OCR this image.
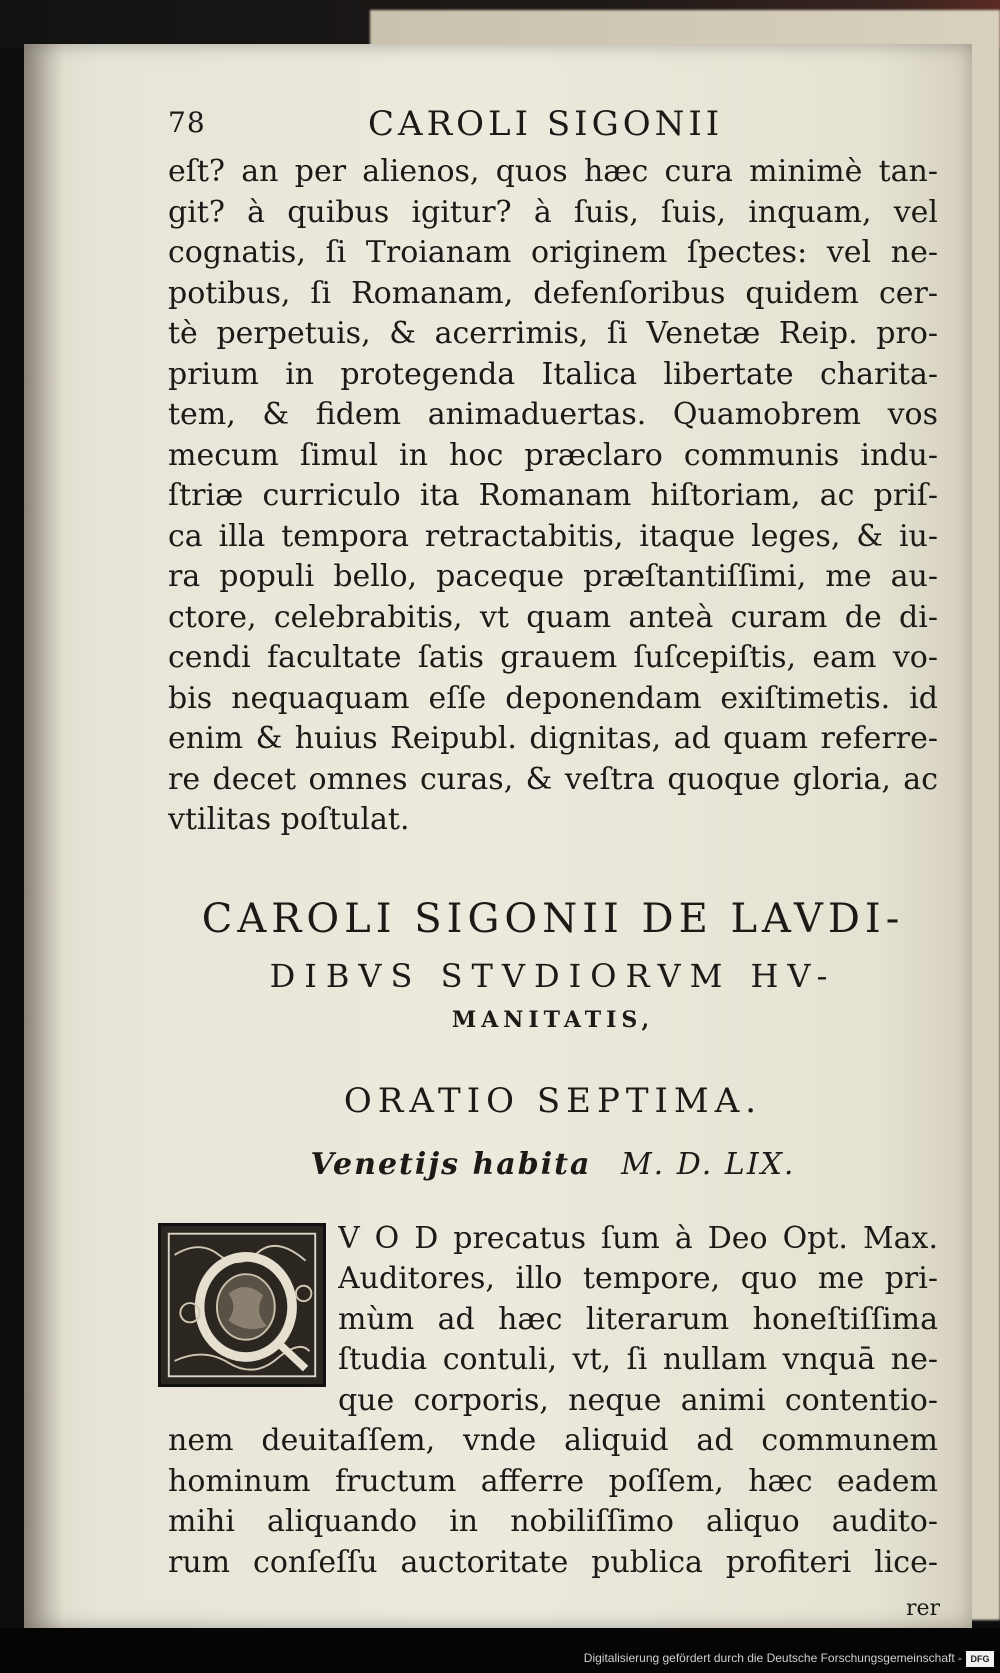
78	CAROLI SIGONII
eſt? an per alienos, quos hæc cura minimè tan-
git? à quibus igitur? à ſuis, ſuis, inquam, vel
cognatis, ſi Troianam originem ſpectes: vel ne-
potibus, ſi Romanam, defenſoribus quidem cer-
tè perpetuis, & acerrimis, ſi Venetæ Reip. pro-
prium in protegenda Italica libertate charita-
tem, & fidem animaduertas. Quamobrem vos
mecum ſimul in hoc præclaro communis indu-
ſtriæ curriculo ita Romanam hiſtoriam, ac priſ-
ca illa tempora retractabitis, itaque leges, & iu-
ra populi bello, paceque præſtantiſſimi, me au-
ctore, celebrabitis, vt quam anteà curam de di-
cendi facultate ſatis grauem ſuſcepiſtis, eam vo-
bis nequaquam eſſe deponendam exiſtimetis. id
enim & huius Reipubl. dignitas, ad quam referre-
re decet omnes curas, & veſtra quoque gloria, ac
vtilitas poſtulat.
CAROLI SIGONII DE LAVDI-
DIBVS STVDIORVM HV-
MANITATIS,
ORATIO SEPTIMA.
Venetijs habita M. D. LIX.
V O D precatus ſum à Deo Opt. Max.
Auditores, illo tempore, quo me pri-
mùm ad hæc literarum honeſtiſſima
ſtudia contuli, vt, ſi nullam vnquā ne-
que corporis, neque animi contentio-
nem deuitaſſem, vnde aliquid ad communem
hominum fructum afferre poſſem, hæc eadem
mihi aliquando in nobiliſſimo aliquo audito-
rum conſeſſu auctoritate publica profiteri lice-
rer
Digitalisierung gefördert durch die Deutsche Forschungsgemeinschaft - DFG
